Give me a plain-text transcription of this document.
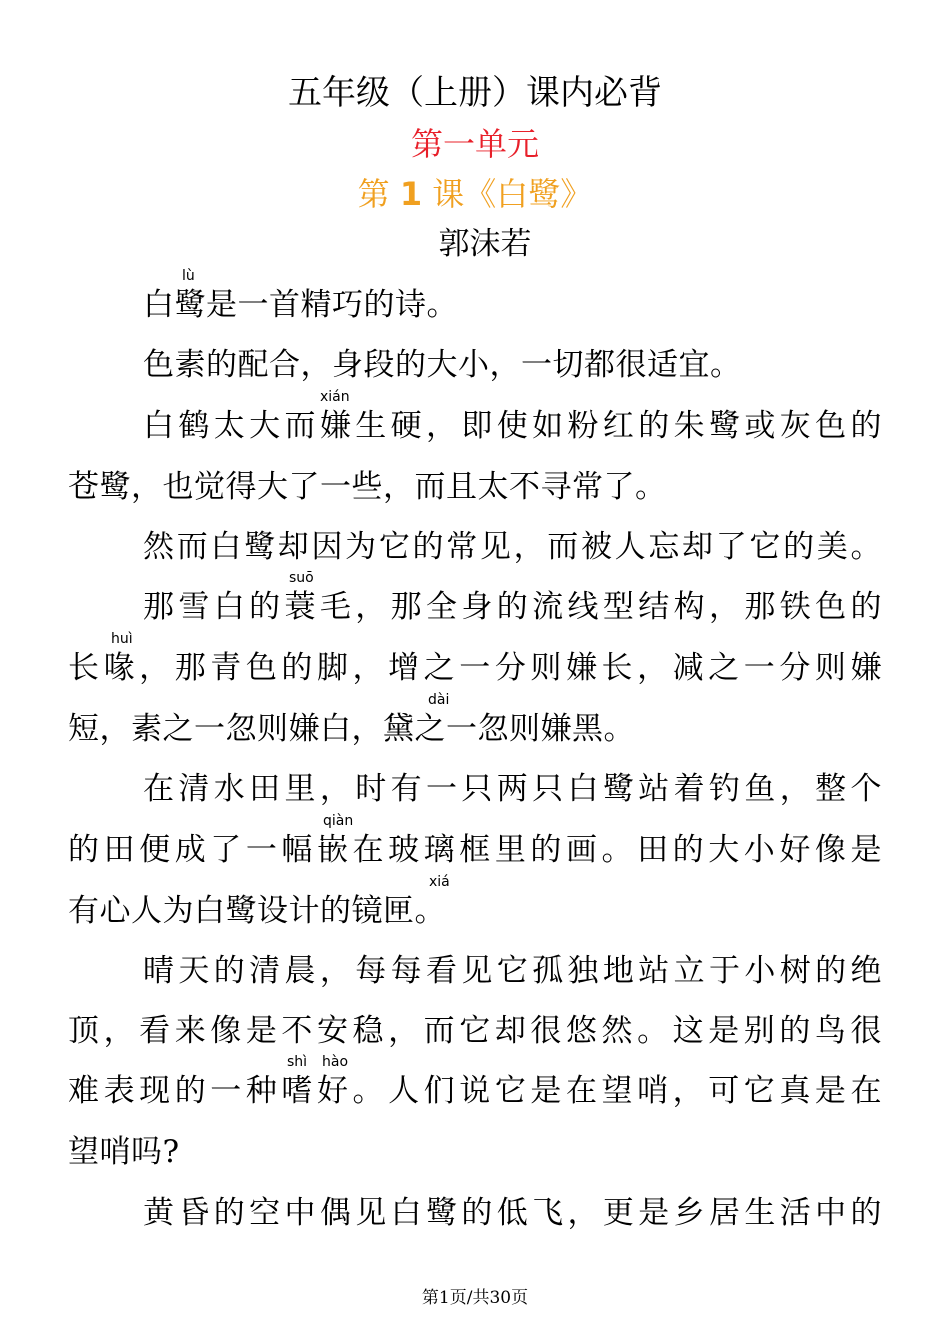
五年级（上册）课内必背
第一单元
第 1 课《白鹭》
郭沫若
lù
xián
suō
huì
dài
qiàn
xiá
shì hào
白鹭是一首精巧的诗。
色素的配合，身段的大小，一切都很适宜。
白鹤太大而嫌生硬，即使如粉红的朱鹭或灰色的
苍鹭，也觉得大了一些，而且太不寻常了。
然而白鹭却因为它的常见，而被人忘却了它的美。
那雪白的蓑毛，那全身的流线型结构，那铁色的
长喙，那青色的脚，增之一分则嫌长，减之一分则嫌
短，素之一忽则嫌白，黛之一忽则嫌黑。
在清水田里，时有一只两只白鹭站着钓鱼，整个
的田便成了一幅嵌在玻璃框里的画。田的大小好像是
有心人为白鹭设计的镜匣。
晴天的清晨，每每看见它孤独地站立于小树的绝
顶，看来像是不安稳，而它却很悠然。这是别的鸟很
难表现的一种嗜好。人们说它是在望哨，可它真是在
望哨吗?
黄昏的空中偶见白鹭的低飞，更是乡居生活中的
第1页/共30页
